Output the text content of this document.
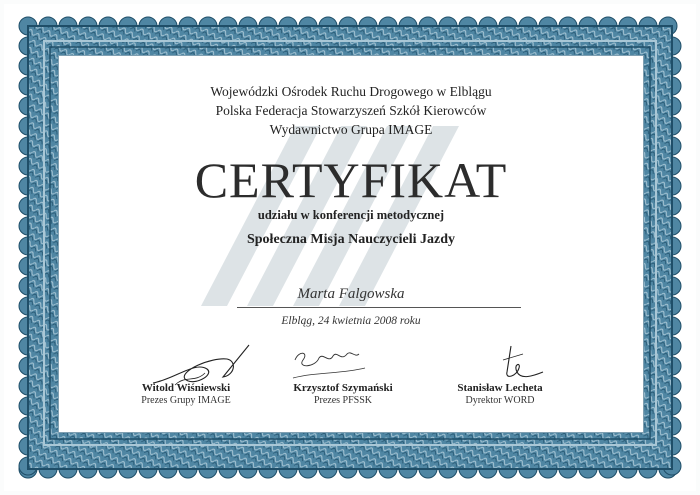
Wojewódzki Ośrodek Ruchu Drogowego w Elblągu
Polska Federacja Stowarzyszeń Szkół Kierowców
Wydawnictwo Grupa IMAGE
CERTYFIKAT
udziału w konferencji metodycznej
Społeczna Misja Nauczycieli Jazdy
Marta Falgowska
Elbląg, 24 kwietnia 2008 roku
Witold Wiśniewski
Prezes Grupy IMAGE
Krzysztof Szymański
Prezes PFSSK
Stanisław Lecheta
Dyrektor WORD
